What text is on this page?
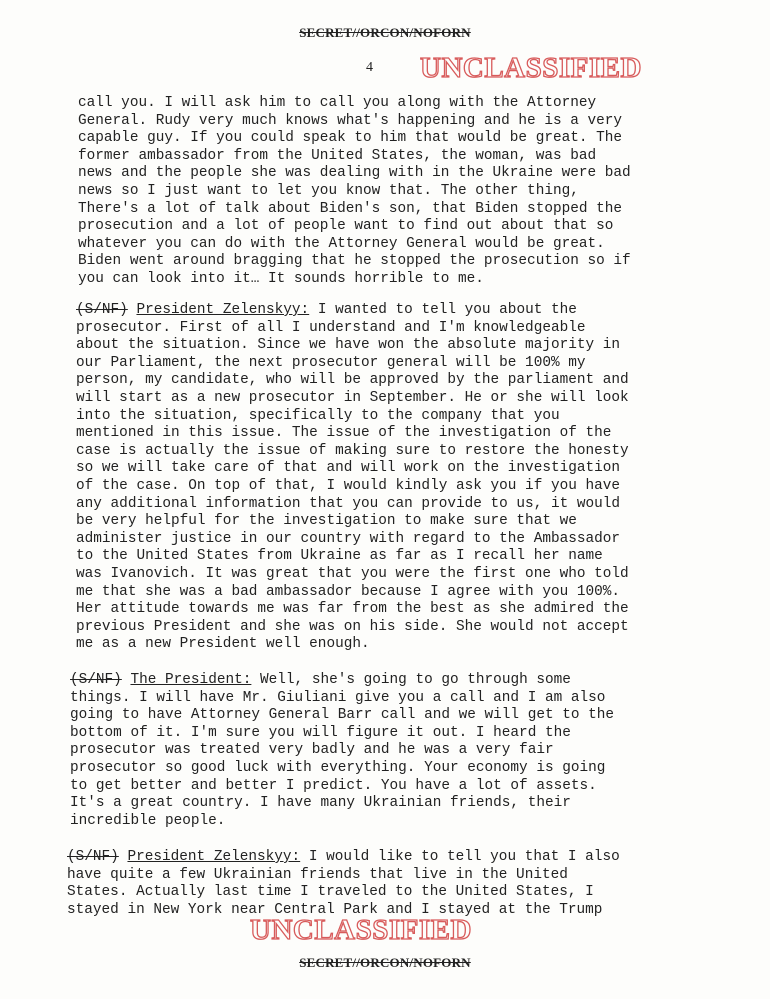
SECRET//ORCON/NOFORN
4 UNCLASSIFIED

call you. I will ask him to call you along with the Attorney
General. Rudy very much knows what's happening and he is a very
capable guy. If you could speak to him that would be great. The
former ambassador from the United States, the woman, was bad
news and the people she was dealing with in the Ukraine were bad
news so I just want to let you know that. The other thing,
There's a lot of talk about Biden's son, that Biden stopped the
prosecution and a lot of people want to find out about that so
whatever you can do with the Attorney General would be great.
Biden went around bragging that he stopped the prosecution so if
you can look into it… It sounds horrible to me.

(S/NF) President Zelenskyy: I wanted to tell you about the
prosecutor. First of all I understand and I'm knowledgeable
about the situation. Since we have won the absolute majority in
our Parliament, the next prosecutor general will be 100% my
person, my candidate, who will be approved by the parliament and
will start as a new prosecutor in September. He or she will look
into the situation, specifically to the company that you
mentioned in this issue. The issue of the investigation of the
case is actually the issue of making sure to restore the honesty
so we will take care of that and will work on the investigation
of the case. On top of that, I would kindly ask you if you have
any additional information that you can provide to us, it would
be very helpful for the investigation to make sure that we
administer justice in our country with regard to the Ambassador
to the United States from Ukraine as far as I recall her name
was Ivanovich. It was great that you were the first one who told
me that she was a bad ambassador because I agree with you 100%.
Her attitude towards me was far from the best as she admired the
previous President and she was on his side. She would not accept
me as a new President well enough.

(S/NF) The President: Well, she's going to go through some
things. I will have Mr. Giuliani give you a call and I am also
going to have Attorney General Barr call and we will get to the
bottom of it. I'm sure you will figure it out. I heard the
prosecutor was treated very badly and he was a very fair
prosecutor so good luck with everything. Your economy is going
to get better and better I predict. You have a lot of assets.
It's a great country. I have many Ukrainian friends, their
incredible people.

(S/NF) President Zelenskyy: I would like to tell you that I also
have quite a few Ukrainian friends that live in the United
States. Actually last time I traveled to the United States, I
stayed in New York near Central Park and I stayed at the Trump

UNCLASSIFIED
SECRET//ORCON/NOFORN
